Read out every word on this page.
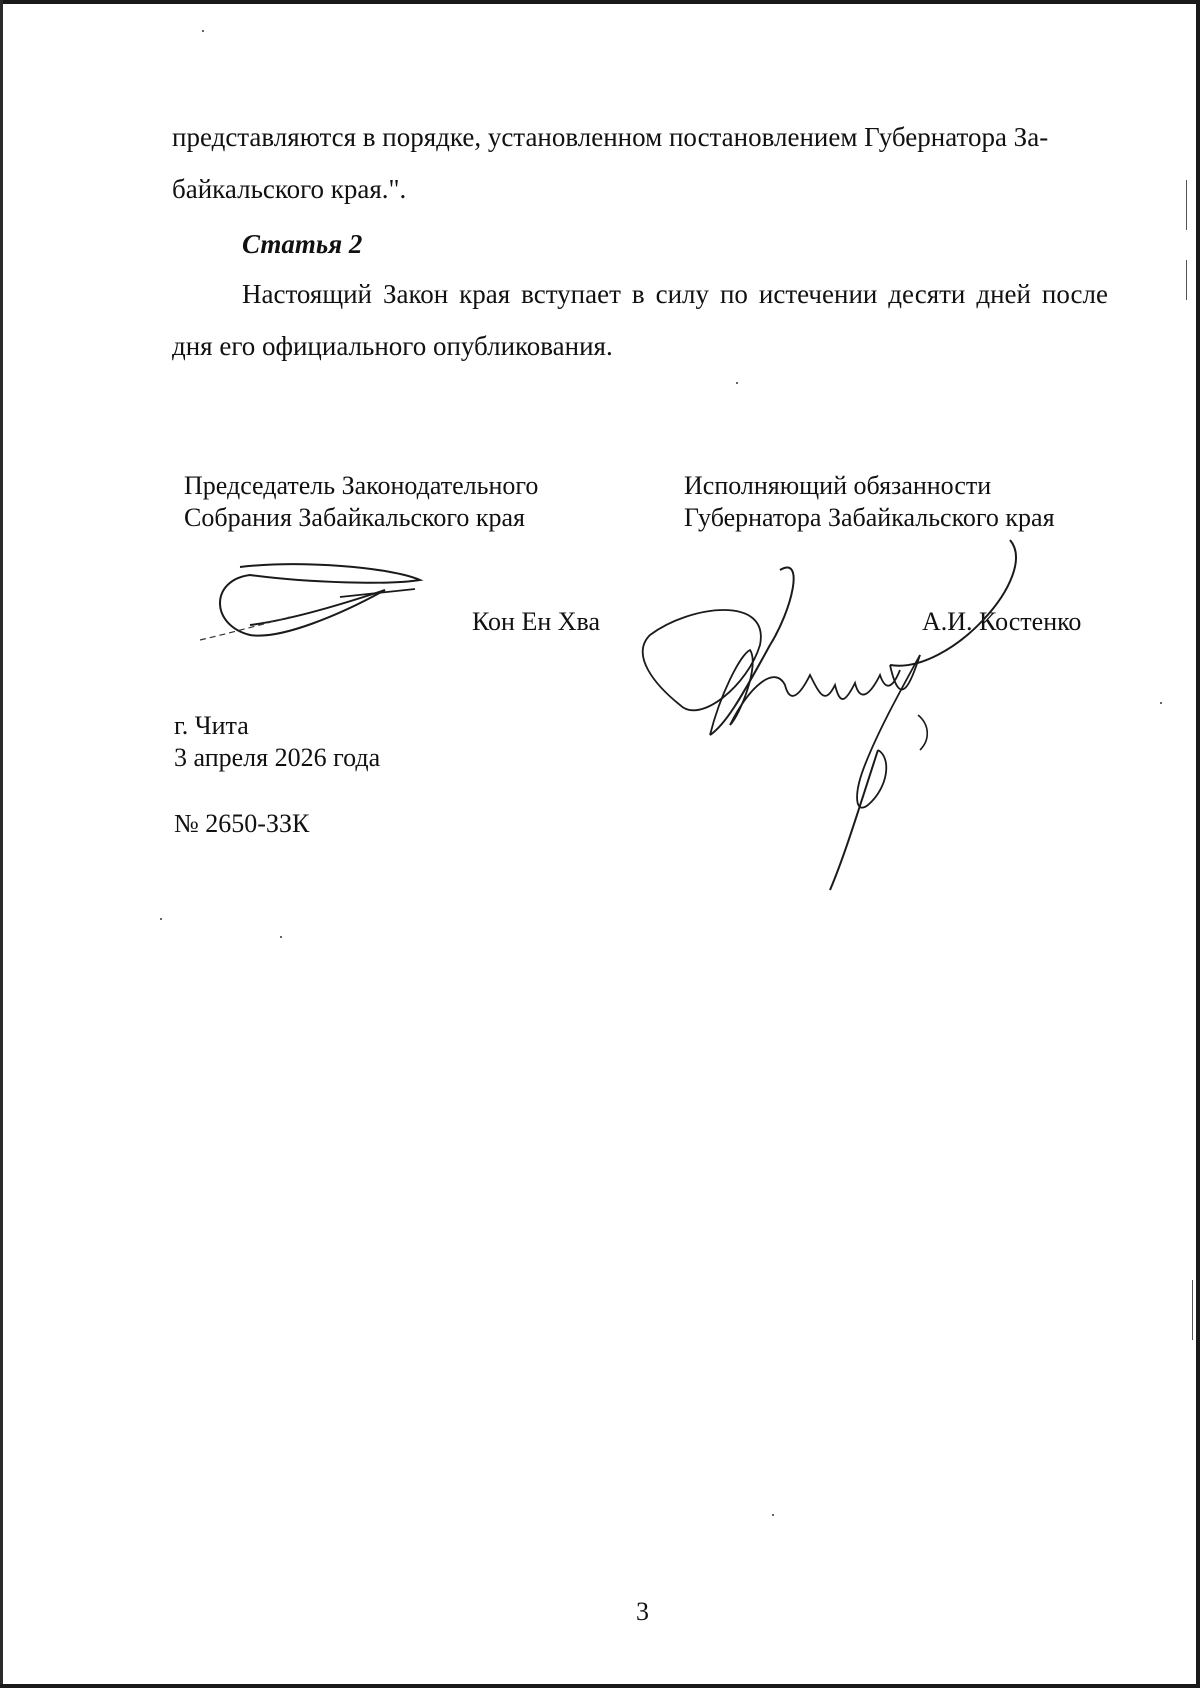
представляются в порядке, установленном постановлением Губернатора За-
байкальского края.".
Статья 2
Настоящий Закон края вступает в силу по истечении десяти дней после дня его официального опубликования.
Председатель Законодательного
Собрания Забайкальского края
Исполняющий обязанности
Губернатора Забайкальского края
Кон Ен Хва	А.И. Костенко
г. Чита
3 апреля 2026 года
№ 2650-ЗЗК
3
